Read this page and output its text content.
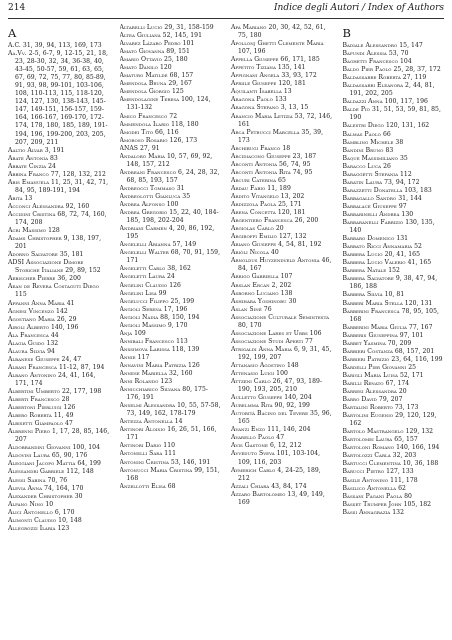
214	Indice degli Autori / Index of Authors
A
A.C. 31, 39, 94, 113, 169, 173
Aa.Vv. 2-5, 6-7, 9, 12-15, 21, 18, 23, 28-30, 32, 34, 36-38, 40, 43-45, 50-57, 59, 61, 63, 65, 67, 69, 72, 75, 77, 80, 85-89, 91, 93, 98, 99-101, 103-106, 108, 110-113, 115, 118-120, 124, 127, 130, 138-143, 145-147, 149-151, 156-157, 159-164, 166-167, 169-170, 172-174, 178, 180, 185, 189, 191-194, 196, 199-200, 203, 205, 207, 209, 211
Aaltio Alvar 3, 191
Abate Antonia 83
Abbate Cinzia 24
Abbina Franco 77, 128, 132, 212
Abis Emanuela 11, 25, 31, 42, 71, 84, 95, 189-191, 194
Abita 13
Acconci Alessandra 92, 160
Accidini Cristina 68, 72, 74, 160, 174, 208
Acri Massimo 128
Adams Christopher 9, 138, 197, 201
Adorno Salvatore 35, 181
ADSI Associazione Dimore Storiche Italiane 29, 89, 152
Aebischer Pierre 36, 200
Aean de Revera Costaguti Diego 115
Affanni Anna Maria 41
Agnesi Vincenzo 142
Agostiano Maria 26, 29
Airoli Alberto 140, 196
Ala Francesca 44
Alagia Guido 132
Alaura Silvia 94
Albanese Giuseppe 24, 47
Albani Francesca 11-12, 87, 194
Albano Antonino 24, 41, 164, 171, 174
Albertini Umberto 22, 177, 198
Alberti Francesco 28
Albertoni Pierluigi 126
Albero Roberta 11, 49
Albisetti Giampaolo 47
Albrenni Piero 1, 17, 28, 85, 146, 207
Aldobrandini Giovanni 100, 104
Aldovini Laura 65, 90, 176
Aleggiani Jacopo Mattia 64, 199
Alessandri Gabriele 112, 148
Alessi Sabina 70, 76
Alevia Anna 74, 164, 170
Alexander Christopher 30
Alfano Nino 10
Alici Antonello 6, 170
Alimonti Claudio 10, 148
Allegrozzi Ilaria 123
Altarelli Lucio 29, 31, 158-159
Altea Giuliana 52, 145, 191
Alvarez Lázaro Pedro 101
Amato Giovanna 89, 151
Amario Ottavio 25, 180
Amato Danilo 120
Amaturo Matilde 68, 157
Amendola Bruna 29, 167
Amendola Giorgio 125
Amendolagine Teresa 100, 124, 131-132
Amico Francesco 72
Ammendola Ilario 118, 180
Amodei Tito 66, 116
Amoroso Rosario 126, 173
ANAS 27, 91
Andaloro Maria 10, 57, 69, 92, 148, 157, 212
Andreani Francesco 6, 24, 28, 32, 68, 85, 193, 157
Andreocci Tommaso 31
Andreolotti Gianluca 35
Andrea Alfonso 100
Andrea Gregorio 15, 22, 40, 184-185, 198, 202-204
Andriani Carmen 4, 20, 86, 192, 195
Angelelli Arianna 57, 149
Angelelli Walter 68, 70, 91, 159, 171
Angeletti Carlo 38, 162
Angeletti Laura 24
Angelini Claudio 126
Angelini Lisa 99
Angelucci Filippo 25, 199
Angioli Serena 17, 196
Angioli Nadia 88, 150, 194
Angioli Massimo 9, 170
Anja 109
Annibali Francesco 113
Anssimova Larissa 118, 139
Annie 117
Annavini Maria Patrizia 126
Annese Mariella 32, 160
Anni Rolando 123
Annicchiarico Silvana 80, 175-176, 191
Anselmi Alessandra 10, 55, 57-58, 73, 149, 162, 178-179
Antezza Antonella 14
Antinori Aloisio 16, 26, 51, 166, 171
Antinori Dario 110
Antonelli Sara 111
Antonini Cristina 53, 146, 191
Antonucci Maria Cristina 99, 151, 168
Anzellotti Elisa 68
Apa Mariano 20, 30, 42, 52, 61, 75, 180
Apollonj Ghetti Clemente Maria 107, 196
Appella Giuseppe 66, 171, 185
Appetito Tiziana 135, 141
Appignani Angela 33, 93, 172
Apriile Giuseppe 120, 181
Aquilanti Isabella 13
Aragona Paolo 133
Aragona Stefano 3, 13, 15
Arancio Maria Letizia 53, 72, 146, 161
Arca Petrucci Marcella 35, 39, 173
Archibugi Franco 18
Arcidiacono Giuseppe 23, 187
Arconti Antonia 56, 74, 95
Arconti Antonia Rita 74, 95
Arcuri Caterina 65
Ardau Fabio 11, 189
Ardito Vitangelo 13, 202
Ardizzola Paola 25, 171
Arena Concetta 120, 181
Argentiero Francesca 26, 200
Argiolas Carlo 20
Argiroffi Emilio 127, 132
Ariano Giuseppe 4, 54, 81, 192
Ariòli Nicola 40
Arnoldus Huyzendveld Antonia 46, 84, 167
Arrigo Gabriella 107
Arslan Ercan 2, 202
Asborno Luciano 138
Ashihara Yoshinobu 30
Aslan Sinè 76
Associazione Culturale Semintesta 80, 170
Associazione Lares et Urbs 106
Associazione Studi Aperti 77
Atrigaldi Anna Maria 6, 9, 31, 45, 192, 199, 207
Attanasio Agostino 148
Attenasio Luigi 100
Attzeni Carlo 26, 47, 93, 189-190, 193, 205, 210
Aulletto Giuseppe 140, 204
Aurelmma Rita 90, 92, 199
Autorità Bacino del Tevere 35, 96, 165
Avanzi Enzo 111, 146, 204
Avarello Paolo 47
Avis Gastone 6, 12, 212
Avveduto Sveva 101, 103-104, 109, 116, 203
Aymerich Carlo 4, 24-25, 189, 212
Azzali Chiara 43, 84, 174
Azzaro Bartolomeo 13, 49, 149, 169
B
Badiale Alessandro 15, 147
Bafundi Alessia 53, 70
Baghetti Francesco 104
Baldo Pier Paolo 25, 28, 37, 172
Baldassarre Roberta 27, 119
Baldassarri Eleanora 2, 44, 81, 191, 202, 205
Baldazzi Anna 100, 117, 196
Balde Pio 31, 51, 53, 59, 81, 85, 190
Balestri Diego 120, 131, 162
Balmas Paolo 66
Bambling Michele 38
Bandini Bruno 83
Baque Massimiliano 35
Baracco Luca 26
Baraggetti Stefania 112
Baratin Laura 73, 94, 172
Barazzetti Donatella 103, 183
Barbagallo Sandro 31, 144
Barbalace Giuseppe 97
Barbarinelli Andrea 130
Barbaranelli Fabrizio 130, 135, 140
Barbaro Domenico 131
Barbato Ricci Annamaria 52
Barbera Lucio 20, 41, 165
Barbera Lucio Valerio 41, 165
Barbera Natale 152
Barbera Salvatore 9, 38, 47, 94, 186, 188
Barbera Silvia 10, 81
Barberi Maria Stella 120, 131
Barberini Francesca 78, 95, 105, 168
Barberini Maria Giulia 77, 167
Barberis Giuseppina 97, 101
Barbet Yasmina 70, 209
Barbieri Costanza 68, 157, 201
Barbieri Patrizio 23, 64, 116, 199
Bardelli Pier Giovanni 25
Barigli Maria Luisa 52, 171
Barilli Renato 67, 174
Barresi Alessandra 20
Barro David 79, 207
Bartalini Roberto 73, 173
Bartolini Eugenio 29, 120, 129, 162
Bartolo Mastrangelo 129, 132
Bartolomei Laura 65, 157
Bartoloni Romano 140, 166, 194
Bartolozzi Carla 32, 203
Bartucci Clementina 10, 36, 188
Barucci Pietro 127, 133
Basile Antonino 111, 178
Basilico Antonella 62
Bassani Pagani Paola 80
Basset Trumper John 105, 182
Bassi Annagrazia 132
